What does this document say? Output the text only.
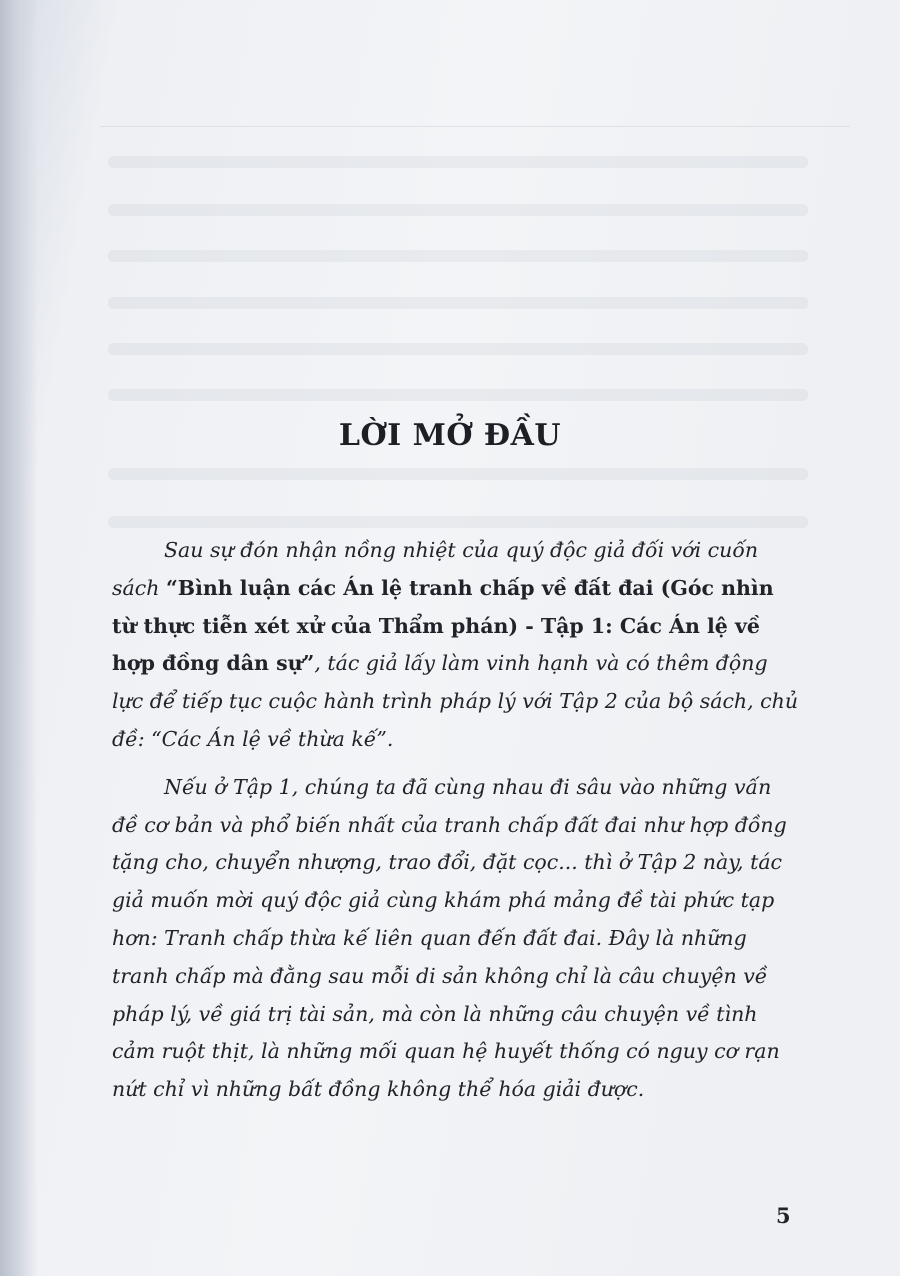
LỜI MỞ ĐẦU

Sau sự đón nhận nồng nhiệt của quý độc giả đối với cuốn sách “Bình luận các Án lệ tranh chấp về đất đai (Góc nhìn từ thực tiễn xét xử của Thẩm phán) - Tập 1: Các Án lệ về hợp đồng dân sự”, tác giả lấy làm vinh hạnh và có thêm động lực để tiếp tục cuộc hành trình pháp lý với Tập 2 của bộ sách, chủ đề: “Các Án lệ về thừa kế”.

Nếu ở Tập 1, chúng ta đã cùng nhau đi sâu vào những vấn đề cơ bản và phổ biến nhất của tranh chấp đất đai như hợp đồng tặng cho, chuyển nhượng, trao đổi, đặt cọc... thì ở Tập 2 này, tác giả muốn mời quý độc giả cùng khám phá mảng đề tài phức tạp hơn: Tranh chấp thừa kế liên quan đến đất đai. Đây là những tranh chấp mà đằng sau mỗi di sản không chỉ là câu chuyện về pháp lý, về giá trị tài sản, mà còn là những câu chuyện về tình cảm ruột thịt, là những mối quan hệ huyết thống có nguy cơ rạn nứt chỉ vì những bất đồng không thể hóa giải được.

5
